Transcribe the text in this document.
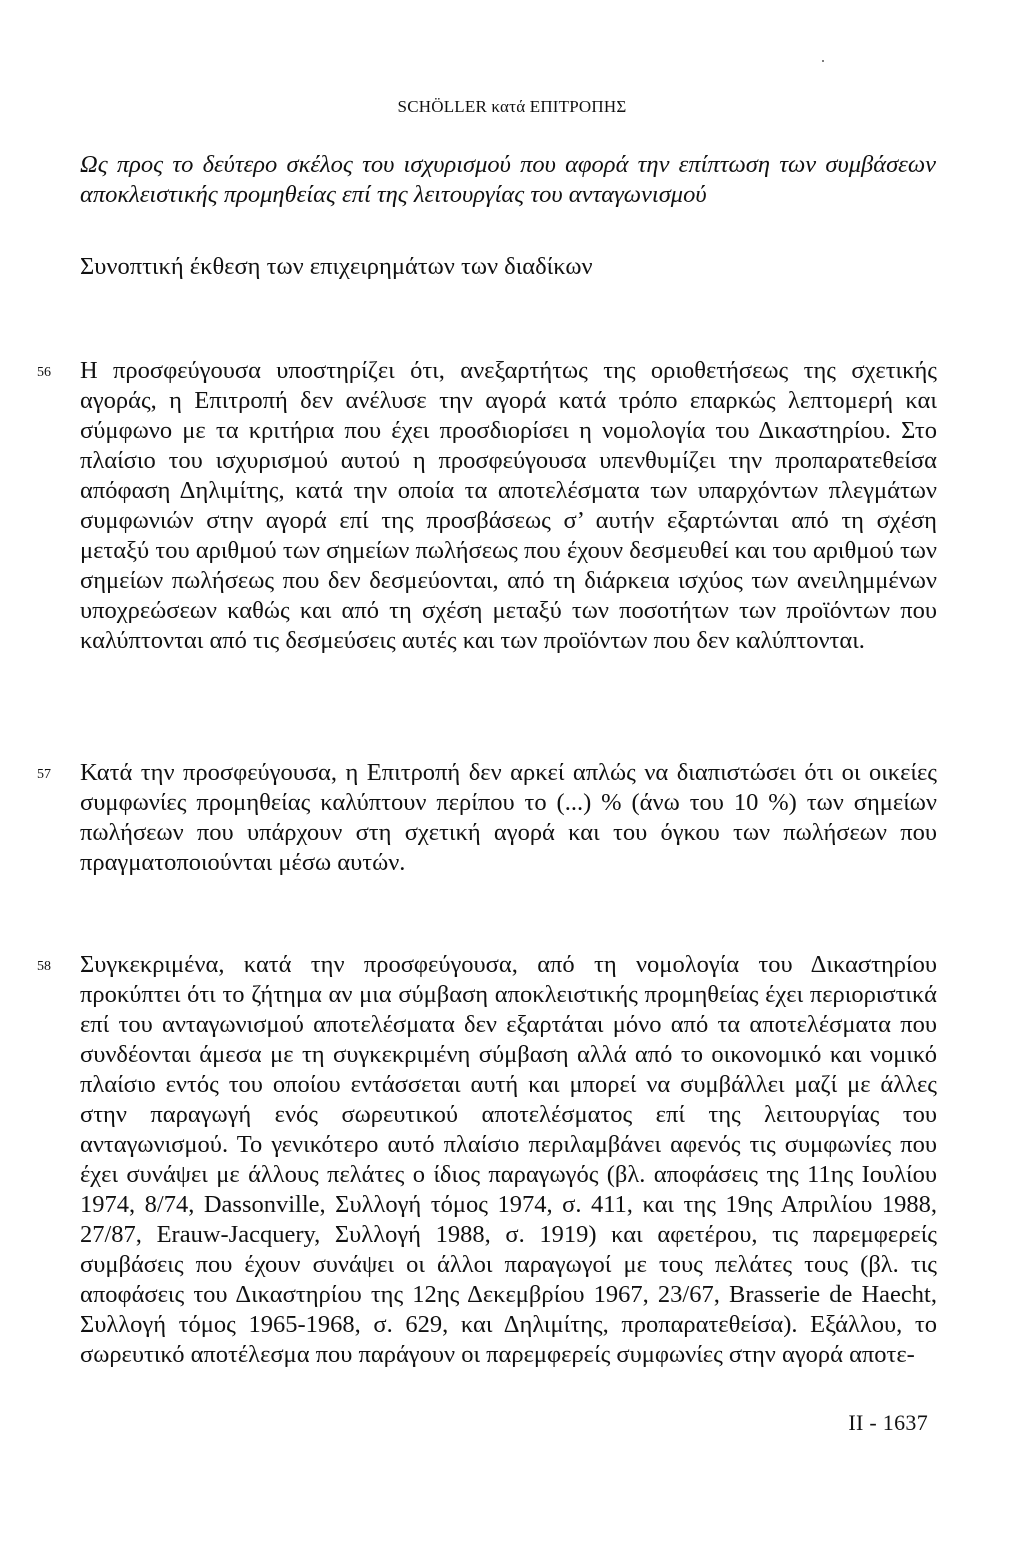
SCHÖLLER κατά ΕΠΙΤΡΟΠΗΣ
Ως προς το δεύτερο σκέλος του ισχυρισμού που αφορά την επίπτωση των συμβάσεων αποκλειστικής προμηθείας επί της λειτουργίας του ανταγωνισμού
Συνοπτική έκθεση των επιχειρημάτων των διαδίκων
56 Η προσφεύγουσα υποστηρίζει ότι, ανεξαρτήτως της οριοθετήσεως της σχετικής αγοράς, η Επιτροπή δεν ανέλυσε την αγορά κατά τρόπο επαρκώς λεπτομερή και σύμφωνο με τα κριτήρια που έχει προσδιορίσει η νομολογία του Δικαστηρίου. Στο πλαίσιο του ισχυρισμού αυτού η προσφεύγουσα υπενθυμίζει την προπαρατεθείσα απόφαση Δηλιμίτης, κατά την οποία τα αποτελέσματα των υπαρχόντων πλεγμάτων συμφωνιών στην αγορά επί της προσβάσεως σ’ αυτήν εξαρτώνται από τη σχέση μεταξύ του αριθμού των σημείων πωλήσεως που έχουν δεσμευθεί και του αριθμού των σημείων πωλήσεως που δεν δεσμεύονται, από τη διάρκεια ισχύος των ανειλημμένων υποχρεώσεων καθώς και από τη σχέση μεταξύ των ποσοτήτων των προϊόντων που καλύπτονται από τις δεσμεύσεις αυτές και των προϊόντων που δεν καλύπτονται.

57 Κατά την προσφεύγουσα, η Επιτροπή δεν αρκεί απλώς να διαπιστώσει ότι οι οικείες συμφωνίες προμηθείας καλύπτουν περίπου το (...) % (άνω του 10 %) των σημείων πωλήσεων που υπάρχουν στη σχετική αγορά και του όγκου των πωλήσεων που πραγματοποιούνται μέσω αυτών.

58 Συγκεκριμένα, κατά την προσφεύγουσα, από τη νομολογία του Δικαστηρίου προκύπτει ότι το ζήτημα αν μια σύμβαση αποκλειστικής προμηθείας έχει περιοριστικά επί του ανταγωνισμού αποτελέσματα δεν εξαρτάται μόνο από τα αποτελέσματα που συνδέονται άμεσα με τη συγκεκριμένη σύμβαση αλλά από το οικονομικό και νομικό πλαίσιο εντός του οποίου εντάσσεται αυτή και μπορεί να συμβάλλει μαζί με άλλες στην παραγωγή ενός σωρευτικού αποτελέσματος επί της λειτουργίας του ανταγωνισμού. Το γενικότερο αυτό πλαίσιο περιλαμβάνει αφενός τις συμφωνίες που έχει συνάψει με άλλους πελάτες ο ίδιος παραγωγός (βλ. αποφάσεις της 11ης Ιουλίου 1974, 8/74, Dassonville, Συλλογή τόμος 1974, σ. 411, και της 19ης Απριλίου 1988, 27/87, Erauw-Jacquery, Συλλογή 1988, σ. 1919) και αφετέρου, τις παρεμφερείς συμβάσεις που έχουν συνάψει οι άλλοι παραγωγοί με τους πελάτες τους (βλ. τις αποφάσεις του Δικαστηρίου της 12ης Δεκεμβρίου 1967, 23/67, Brasserie de Haecht, Συλλογή τόμος 1965-1968, σ. 629, και Δηλιμίτης, προπαρατεθείσα). Εξάλλου, το σωρευτικό αποτέλεσμα που παράγουν οι παρεμφερείς συμφωνίες στην αγορά αποτε-

II - 1637
